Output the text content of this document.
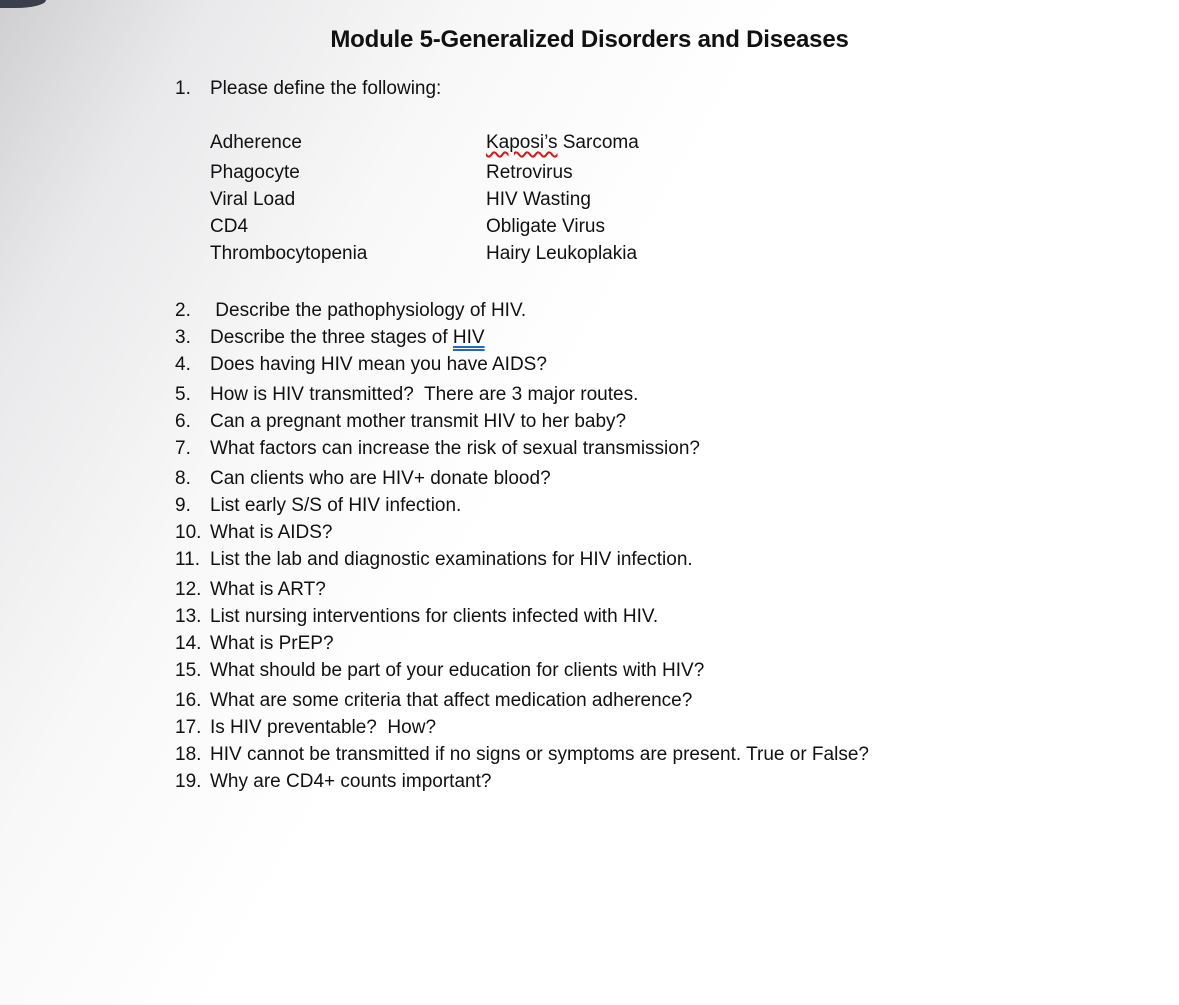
Module 5-Generalized Disorders and Diseases
1. Please define the following:
Adherence
Phagocyte
Viral Load
CD4
Thrombocytopenia
Kaposi’s Sarcoma
Retrovirus
HIV Wasting
Obligate Virus
Hairy Leukoplakia
2. Describe the pathophysiology of HIV.
3. Describe the three stages of HIV
4. Does having HIV mean you have AIDS?
5. How is HIV transmitted?  There are 3 major routes.
6. Can a pregnant mother transmit HIV to her baby?
7. What factors can increase the risk of sexual transmission?
8. Can clients who are HIV+ donate blood?
9. List early S/S of HIV infection.
10. What is AIDS?
11. List the lab and diagnostic examinations for HIV infection.
12. What is ART?
13. List nursing interventions for clients infected with HIV.
14. What is PrEP?
15. What should be part of your education for clients with HIV?
16. What are some criteria that affect medication adherence?
17. Is HIV preventable?  How?
18. HIV cannot be transmitted if no signs or symptoms are present. True or False?
19. Why are CD4+ counts important?
